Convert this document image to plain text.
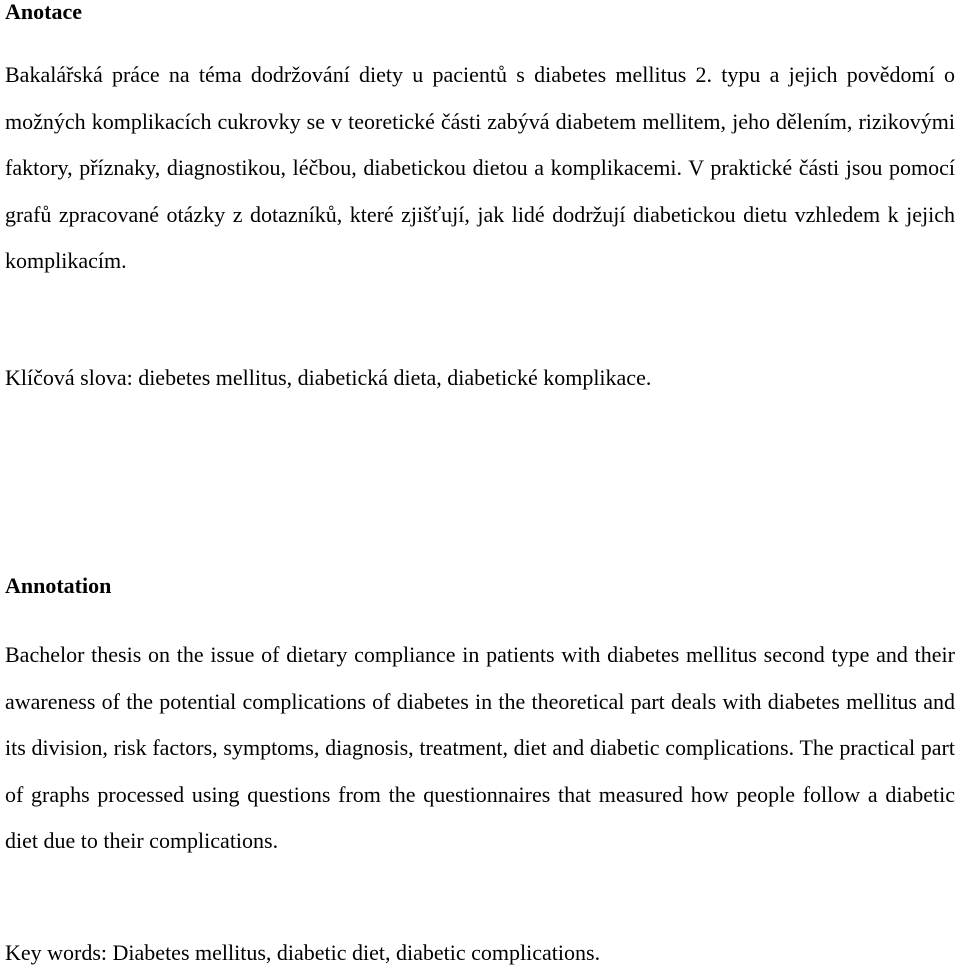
Anotace

Bakalářská práce na téma dodržování diety u pacientů s diabetes mellitus 2. typu a jejich povědomí o možných komplikacích cukrovky se v teoretické části zabývá diabetem mellitem, jeho dělením, rizikovými faktory, příznaky, diagnostikou, léčbou, diabetickou dietou a komplikacemi. V praktické části jsou pomocí grafů zpracované otázky z dotazníků, které zjišťují, jak lidé dodržují diabetickou dietu vzhledem k jejich komplikacím.

Klíčová slova: diebetes mellitus, diabetická dieta, diabetické komplikace.

Annotation

Bachelor thesis on the issue of dietary compliance in patients with diabetes mellitus second type and their awareness of the potential complications of diabetes in the theoretical part deals with diabetes mellitus and its division, risk factors, symptoms, diagnosis, treatment, diet and diabetic complications. The practical part of graphs processed using questions from the questionnaires that measured how people follow a diabetic diet due to their complications.

Key words: Diabetes mellitus, diabetic diet, diabetic complications.
